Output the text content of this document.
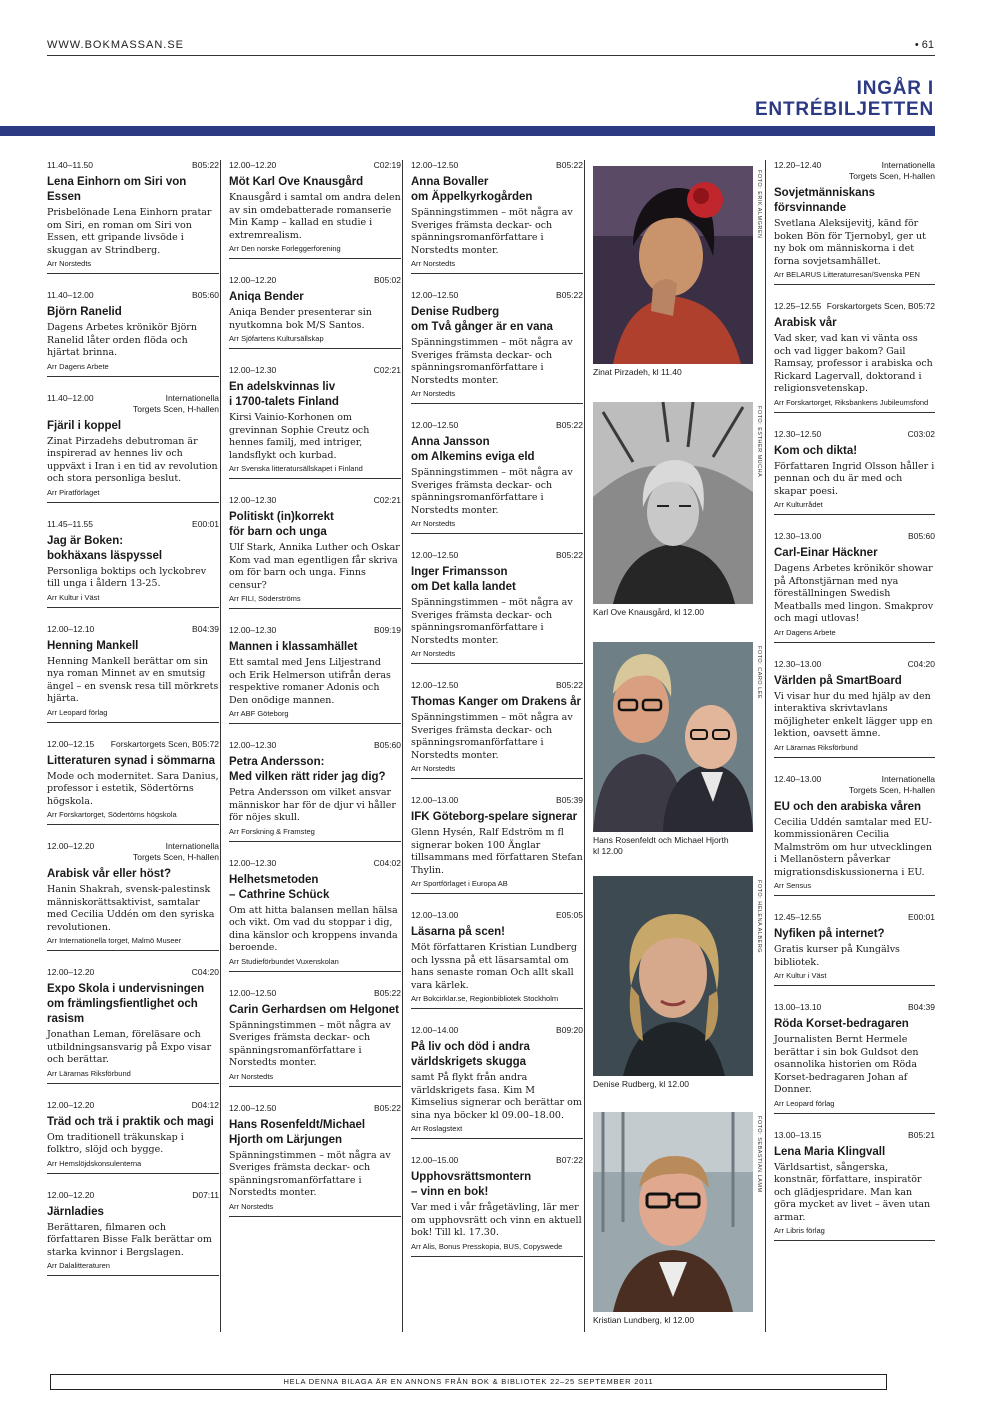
WWW.BOKMASSAN.SE	• 61
INGÅR I
ENTRÉBILJETTEN
11.40–11.50	B05:22
Lena Einhorn om Siri von Essen
Prisbelönade Lena Einhorn pratar om Siri, en roman om Siri von Essen, ett gripande livsöde i skuggan av Strindberg.
Arr Norstedts
11.40–12.00	B05:60
Björn Ranelid
Dagens Arbetes krönikör Björn Ranelid låter orden flöda och hjärtat brinna.
Arr Dagens Arbete
11.40–12.00	Internationella
Torgets Scen, H-hallen
Fjäril i koppel
Zinat Pirzadehs debutroman är inspirerad av hennes liv och uppväxt i Iran i en tid av revolution och stora personliga beslut.
Arr Piratförlaget
11.45–11.55	E00:01
Jag är Boken:
bokhäxans läspyssel
Personliga boktips och lyckobrev till unga i åldern 13-25.
Arr Kultur i Väst
12.00–12.10	B04:39
Henning Mankell
Henning Mankell berättar om sin nya roman Minnet av en smutsig ängel – en svensk resa till mörkrets hjärta.
Arr Leopard förlag
12.00–12.15 Forskartorgets Scen, B05:72
Litteraturen synad i sömmarna
Mode och modernitet. Sara Danius, professor i estetik, Södertörns högskola.
Arr Forskartorget, Södertörns högskola
12.00–12.20	Internationella
Torgets Scen, H-hallen
Arabisk vår eller höst?
Hanin Shakrah, svensk-palestinsk människorättsaktivist, samtalar med Cecilia Uddén om den syriska revolutionen.
Arr Internationella torget, Malmö Museer
12.00–12.20	C04:20
Expo Skola i undervisningen om främlingsfientlighet och rasism
Jonathan Leman, föreläsare och utbildningsansvarig på Expo visar och berättar.
Arr Lärarnas Riksförbund
12.00–12.20	D04:12
Träd och trä i praktik och magi
Om traditionell träkunskap i folktro, slöjd och bygge.
Arr Hemslöjdskonsulenterna
12.00–12.20	D07:11
Järnladies
Berättaren, filmaren och författaren Bisse Falk berättar om starka kvinnor i Bergslagen.
Arr Dalalitteraturen
12.00–12.20	C02:19
Möt Karl Ove Knausgård
Knausgård i samtal om andra delen av sin omdebatterade romanserie Min Kamp – kallad en studie i extremrealism.
Arr Den norske Forleggerforening
12.00–12.20	B05:02
Aniqa Bender
Aniqa Bender presenterar sin nyutkomna bok M/S Santos.
Arr Sjöfartens Kultursällskap
12.00–12.30	C02:21
En adelskvinnas liv
i 1700-talets Finland
Kirsi Vainio-Korhonen om grevinnan Sophie Creutz och hennes familj, med intriger, landsflykt och kurbad.
Arr Svenska litteratursällskapet i Finland
12.00–12.30	C02:21
Politiskt (in)korrekt
för barn och unga
Ulf Stark, Annika Luther och Oskar Kom vad man egentligen får skriva om för barn och unga. Finns censur?
Arr FILI, Söderströms
12.00–12.30	B09:19
Mannen i klassamhället
Ett samtal med Jens Liljestrand och Erik Helmerson utifrån deras respektive romaner Adonis och Den onödige mannen.
Arr ABF Göteborg
12.00–12.30	B05:60
Petra Andersson:
Med vilken rätt rider jag dig?
Petra Andersson om vilket ansvar människor har för de djur vi håller för nöjes skull.
Arr Forskning & Framsteg
12.00–12.30	C04:02
Helhetsmetoden
– Cathrine Schück
Om att hitta balansen mellan hälsa och vikt. Om vad du stoppar i dig, dina känslor och kroppens invanda beroende.
Arr Studieförbundet Vuxenskolan
12.00–12.50	B05:22
Carin Gerhardsen om Helgonet
Spänningstimmen – möt några av Sveriges främsta deckar- och spänningsromanförfattare i Norstedts monter.
Arr Norstedts
12.00–12.50	B05:22
Hans Rosenfeldt/Michael
Hjorth om Lärjungen
Spänningstimmen – möt några av Sveriges främsta deckar- och spänningsromanförfattare i Norstedts monter.
Arr Norstedts
12.00–12.50	B05:22
Anna Bovaller
om Äppelkyrkogården
Spänningstimmen – möt några av Sveriges främsta deckar- och spänningsromanförfattare i Norstedts monter.
Arr Norstedts
12.00–12.50	B05:22
Denise Rudberg
om Två gånger är en vana
Spänningstimmen – möt några av Sveriges främsta deckar- och spänningsromanförfattare i Norstedts monter.
Arr Norstedts
12.00–12.50	B05:22
Anna Jansson
om Alkemins eviga eld
Spänningstimmen – möt några av Sveriges främsta deckar- och spänningsromanförfattare i Norstedts monter.
Arr Norstedts
12.00–12.50	B05:22
Inger Frimansson
om Det kalla landet
Spänningstimmen – möt några av Sveriges främsta deckar- och spänningsromanförfattare i Norstedts monter.
Arr Norstedts
12.00–12.50	B05:22
Thomas Kanger om Drakens år
Spänningstimmen – möt några av Sveriges främsta deckar- och spänningsromanförfattare i Norstedts monter.
Arr Norstedts
12.00–13.00	B05:39
IFK Göteborg-spelare signerar
Glenn Hysén, Ralf Edström m fl signerar boken 100 Änglar tillsammans med författaren Stefan Thylin.
Arr Sportförlaget i Europa AB
12.00–13.00	E05:05
Läsarna på scen!
Möt författaren Kristian Lundberg och lyssna på ett läsarsamtal om hans senaste roman Och allt skall vara kärlek.
Arr Bokcirklar.se, Regionbibliotek Stockholm
12.00–14.00	B09:20
På liv och död i andra
världskrigets skugga
samt På flykt från andra världskrigets fasa. Kim M Kimselius signerar och berättar om sina nya böcker kl 09.00–18.00.
Arr Roslagstext
12.00–15.00	B07:22
Upphovsrättsmontern
– vinn en bok!
Var med i vår frågetävling, lär mer om upphovsrätt och vinn en aktuell bok! Till kl. 17.30.
Arr Alis, Bonus Presskopia, BUS, Copyswede
12.20–12.40	Internationella
Torgets Scen, H-hallen
Sovjetmänniskans
försvinnande
Svetlana Aleksijevitj, känd för boken Bön för Tjernobyl, ger ut ny bok om människorna i det forna sovjetsamhället.
Arr BELARUS Litteraturresan/Svenska PEN
12.25–12.55 Forskartorgets Scen, B05:72
Arabisk vår
Vad sker, vad kan vi vänta oss och vad ligger bakom? Gail Ramsay, professor i arabiska och Rickard Lagervall, doktorand i religionsvetenskap.
Arr Forskartorget, Riksbankens Jubileumsfond
12.30–12.50	C03:02
Kom och dikta!
Författaren Ingrid Olsson håller i pennan och du är med och skapar poesi.
Arr Kulturrådet
12.30–13.00	B05:60
Carl-Einar Häckner
Dagens Arbetes krönikör showar på Aftonstjärnan med nya föreställningen Swedish Meatballs med lingon. Smakprov och magi utlovas!
Arr Dagens Arbete
12.30–13.00	C04:20
Världen på SmartBoard
Vi visar hur du med hjälp av den interaktiva skrivtavlans möjligheter enkelt lägger upp en lektion, oavsett ämne.
Arr Lärarnas Riksförbund
12.40–13.00	Internationella
Torgets Scen, H-hallen
EU och den arabiska våren
Cecilia Uddén samtalar med EU-kommissionären Cecilia Malmström om hur utvecklingen i Mellanöstern påverkar migrationsdiskussionerna i EU.
Arr Sensus
12.45–12.55	E00:01
Nyfiken på internet?
Gratis kurser på Kungälvs bibliotek.
Arr Kultur i Väst
13.00–13.10	B04:39
Röda Korset-bedragaren
Journalisten Bernt Hermele berättar i sin bok Guldsot den osannolika historien om Röda Korset-bedragaren Johan af Donner.
Arr Leopard förlag
13.00–13.15	B05:21
Lena Maria Klingvall
Världsartist, sångerska, konstnär, författare, inspiratör och glädjespridare. Man kan göra mycket av livet – även utan armar.
Arr Libris förlag
FOTO: ERIK ALMGREN
Zinat Pirzadeh, kl 11.40
FOTO: ESTHER MUCHA
Karl Ove Knausgård, kl 12.00
FOTO: CARO LEE
Hans Rosenfeldt och Michael Hjorth
kl 12.00
FOTO: HELENA ALBERG
Denise Rudberg, kl 12.00
FOTO: SEBASTIAN LAMM
Kristian Lundberg, kl 12.00
HELA DENNA BILAGA ÄR EN ANNONS FRÅN BOK & BIBLIOTEK 22–25 SEPTEMBER 2011
